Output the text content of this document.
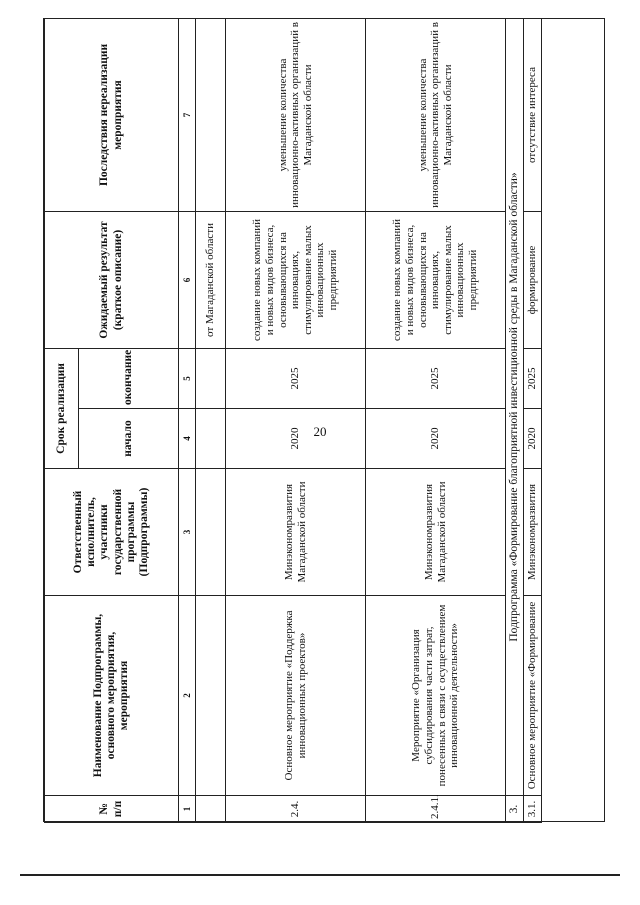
20
№ п/п	Наименование Подпрограммы, основного мероприятия, мероприятия	Ответственный исполнитель, участники государственной программы (Подпрограммы)	Срок реализации		Ожидаемый результат (краткое описание)	Последствия нереализации мероприятия
			начало	окончание		
1	2	3	4	5	6	7
					от Магаданской области	
2.4.	Основное мероприятие «Поддержка инновационных проектов»	Минэкономразвития Магаданской области	2020	2025	создание новых компаний и новых видов бизнеса, основывающихся на инновациях, стимулирование малых инновационных предприятий	уменьшение количества инновационно-активных организаций в Магаданской области
2.4.1.	Мероприятие «Организация субсидирования части затрат, понесенных в связи с осуществлением инновационной деятельности»	Минэкономразвития Магаданской области	2020	2025	создание новых компаний и новых видов бизнеса, основывающихся на инновациях, стимулирование малых инновационных предприятий	уменьшение количества инновационно-активных организаций в Магаданской области
3.	Подпрограмма «Формирование благоприятной инвестиционной среды в Магаданской области»					
3.1.	Основное мероприятие «Формирование	Минэкономразвития	2020	2025	формирование	отсутствие интереса
